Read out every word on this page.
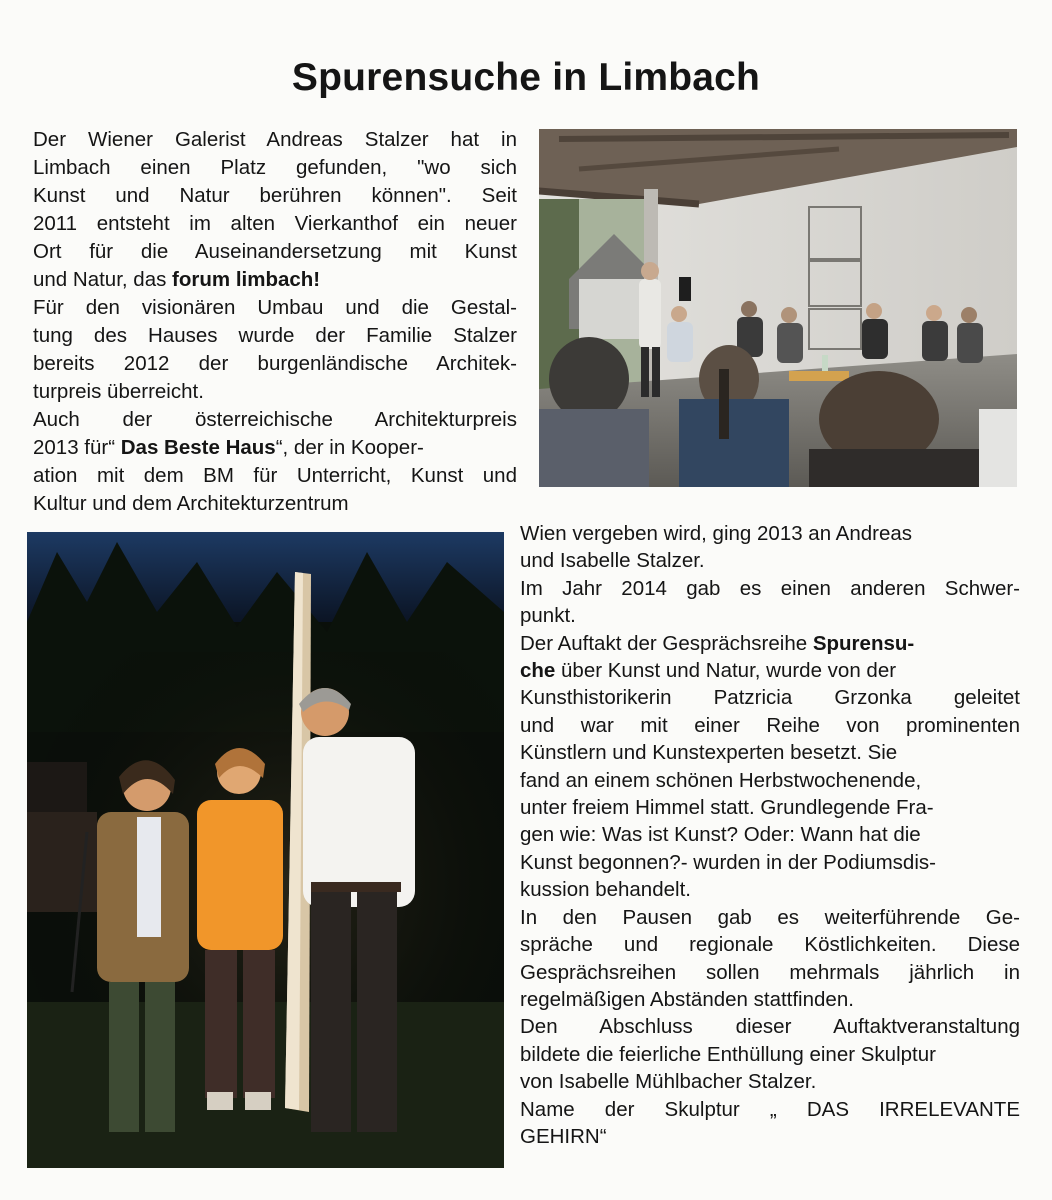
Spurensuche in Limbach

Der Wiener Galerist Andreas Stalzer hat in

Limbach einen Platz gefunden, "wo sich

Kunst und Natur berühren können". Seit

2011 entsteht im alten Vierkanthof ein neuer

Ort für die Auseinandersetzung mit Kunst

und Natur, das forum limbach!

Für den visionären Umbau und die Gestal-

tung des Hauses wurde der Familie Stalzer

bereits 2012 der burgenländische Architek-

turpreis überreicht.

Auch der österreichische Architekturpreis

2013 für“ Das Beste Haus“, der in Kooper-

ation mit dem BM für Unterricht, Kunst und

Kultur und dem Architekturzentrum

Wien vergeben wird, ging 2013 an Andreas

und Isabelle Stalzer.

Im Jahr 2014 gab es einen anderen Schwer-

punkt.

Der Auftakt der Gesprächsreihe Spurensu-

che über Kunst und Natur, wurde von der

Kunsthistorikerin Patzricia Grzonka geleitet

und war mit einer Reihe von prominenten

Künstlern und Kunstexperten besetzt. Sie

fand an einem schönen Herbstwochenende,

unter freiem Himmel statt. Grundlegende Fra-

gen wie: Was ist Kunst? Oder: Wann hat die

Kunst begonnen?- wurden in der Podiumsdis-

kussion behandelt.

In den Pausen gab es weiterführende Ge-

spräche und regionale Köstlichkeiten. Diese

Gesprächsreihen sollen mehrmals jährlich in

regelmäßigen Abständen stattfinden.

Den Abschluss dieser Auftaktveranstaltung

bildete die feierliche Enthüllung einer Skulptur

von Isabelle Mühlbacher Stalzer.

Name der Skulptur „ DAS IRRELEVANTE

GEHIRN“
